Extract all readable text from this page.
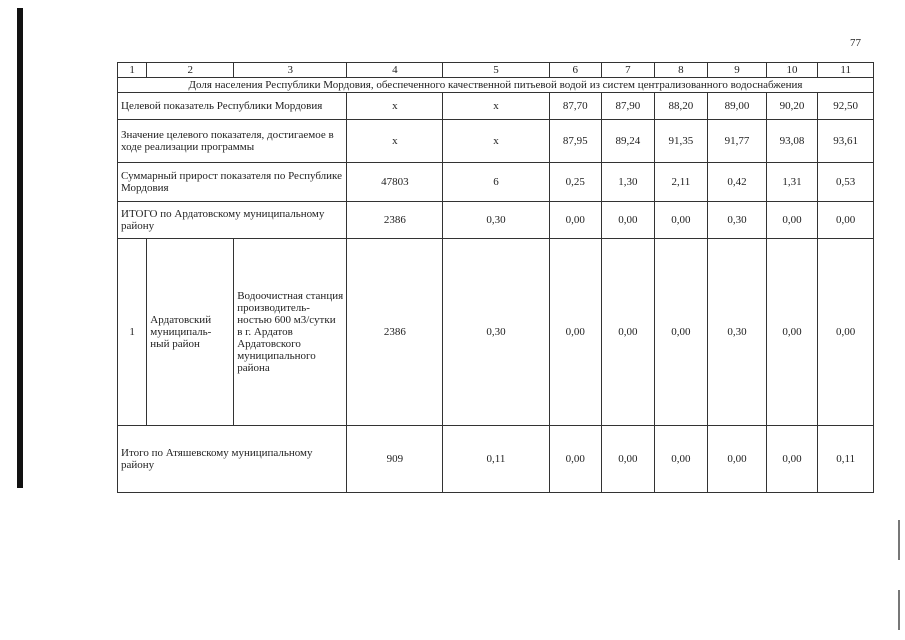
77
1	2	3	4	5	6	7	8	9	10	11
Доля населения Республики Мордовия, обеспеченного качественной питьевой водой из систем централизованного водоснабжения										
Целевой показатель Республики Мордовия			х	х	87,70	87,90	88,20	89,00	90,20	92,50
Значение целевого показателя, достигаемое в ходе реализации программы			х	х	87,95	89,24	91,35	91,77	93,08	93,61
Суммарный прирост показателя по Республике Мордовия			47803	6	0,25	1,30	2,11	0,42	1,31	0,53
ИТОГО по Ардатовскому муниципальному району			2386	0,30	0,00	0,00	0,00	0,30	0,00	0,00
1	Ардатовский муниципаль-ный район	Водоочистная станция производитель-ностью 600 м3/сутки в г. Ардатов Ардатовского муниципального района	2386	0,30	0,00	0,00	0,00	0,30	0,00	0,00
Итого по Атяшевскому муниципальному району			909	0,11	0,00	0,00	0,00	0,00	0,00	0,11
